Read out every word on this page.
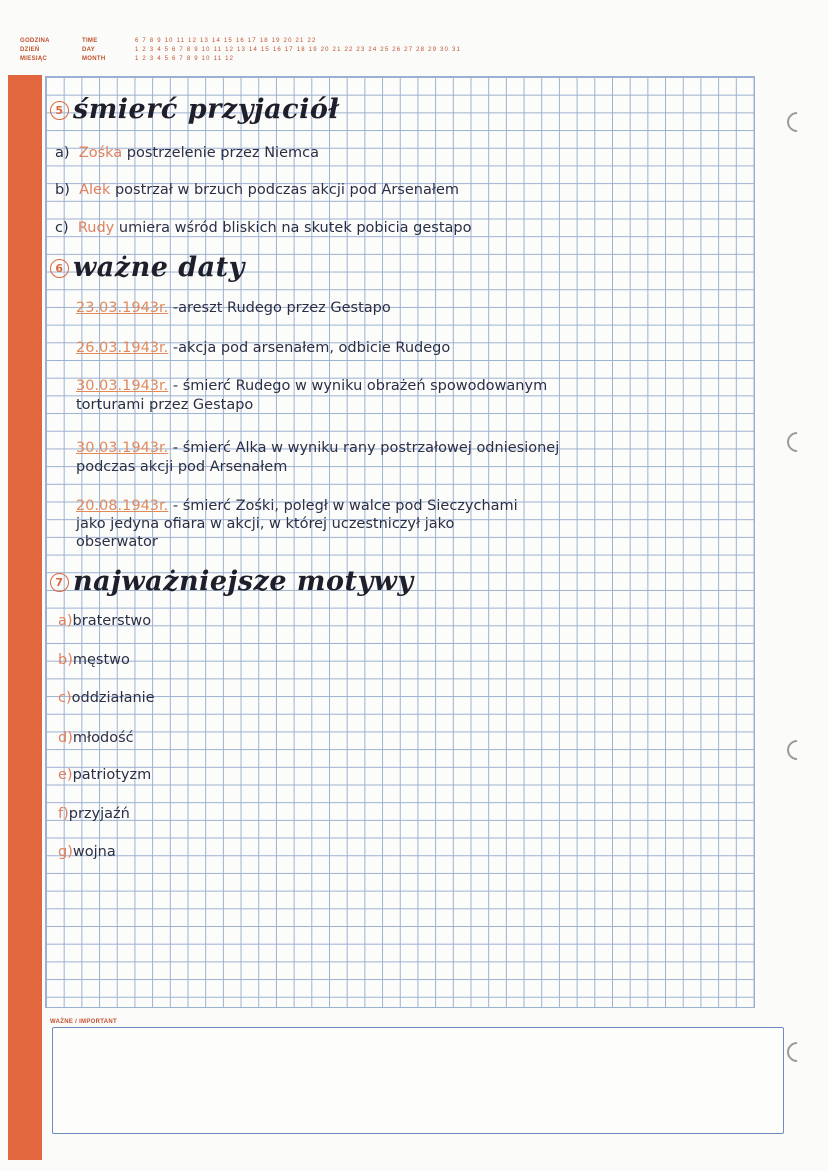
GODZINA
DZIEŃ
MIESIĄC
TIME
DAY
MONTH
6 7 8 9 10 11 12 13 14 15 16 17 18 19 20 21 22
1 2 3 4 5 6 7 8 9 10 11 12 13 14 15 16 17 18 19 20 21 22 23 24 25 26 27 28 29 30 31
1 2 3 4 5 6 7 8 9 10 11 12
WAŻNE / IMPORTANT
5 śmierć przyjaciół
a) Zośka postrzelenie przez Niemca
b) Alek postrzał w brzuch podczas akcji pod Arsenałem
c) Rudy umiera wśród bliskich na skutek pobicia gestapo
6 ważne daty
23.03.1943r. -areszt Rudego przez Gestapo
26.03.1943r. -akcja pod arsenałem, odbicie Rudego
30.03.1943r. - śmierć Rudego w wyniku obrażeń spowodowanym
torturami przez Gestapo
30.03.1943r. - śmierć Alka w wyniku rany postrzałowej odniesionej
podczas akcji pod Arsenałem
20.08.1943r. - śmierć Zośki, poległ w walce pod Sieczychami
jako jedyna ofiara w akcji, w której uczestniczył jako
obserwator
7 najważniejsze motywy
a)braterstwo
b)męstwo
c)oddziałanie
d)młodość
e)patriotyzm
f)przyjaźń
g)wojna
